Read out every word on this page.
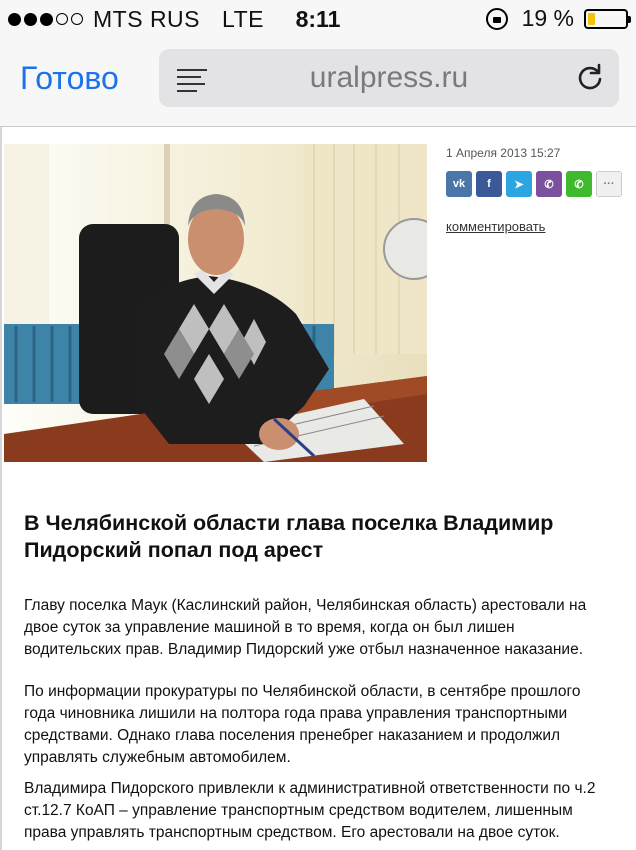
MTS RUS LTE	8:11	19 %
Готово	uralpress.ru
1 Апреля 2013 15:27
vk	f	➤	✆	✆	···
комментировать
В Челябинской области глава поселка Владимир Пидорский попал под арест

Главу поселка Маук (Каслинский район, Челябинская область) арестовали на двое суток за управление машиной в то время, когда он был лишен водительских прав. Владимир Пидорский уже отбыл назначенное наказание.

По информации прокуратуры по Челябинской области, в сентябре прошлого года чиновника лишили на полтора года права управления транспортными средствами. Однако глава поселения пренебрег наказанием и продолжил управлять служебным автомобилем.

Владимира Пидорского привлекли к административной ответственности по ч.2 ст.12.7 КоАП – управление транспортным средством водителем, лишенным права управлять транспортным средством. Его арестовали на двое суток.
